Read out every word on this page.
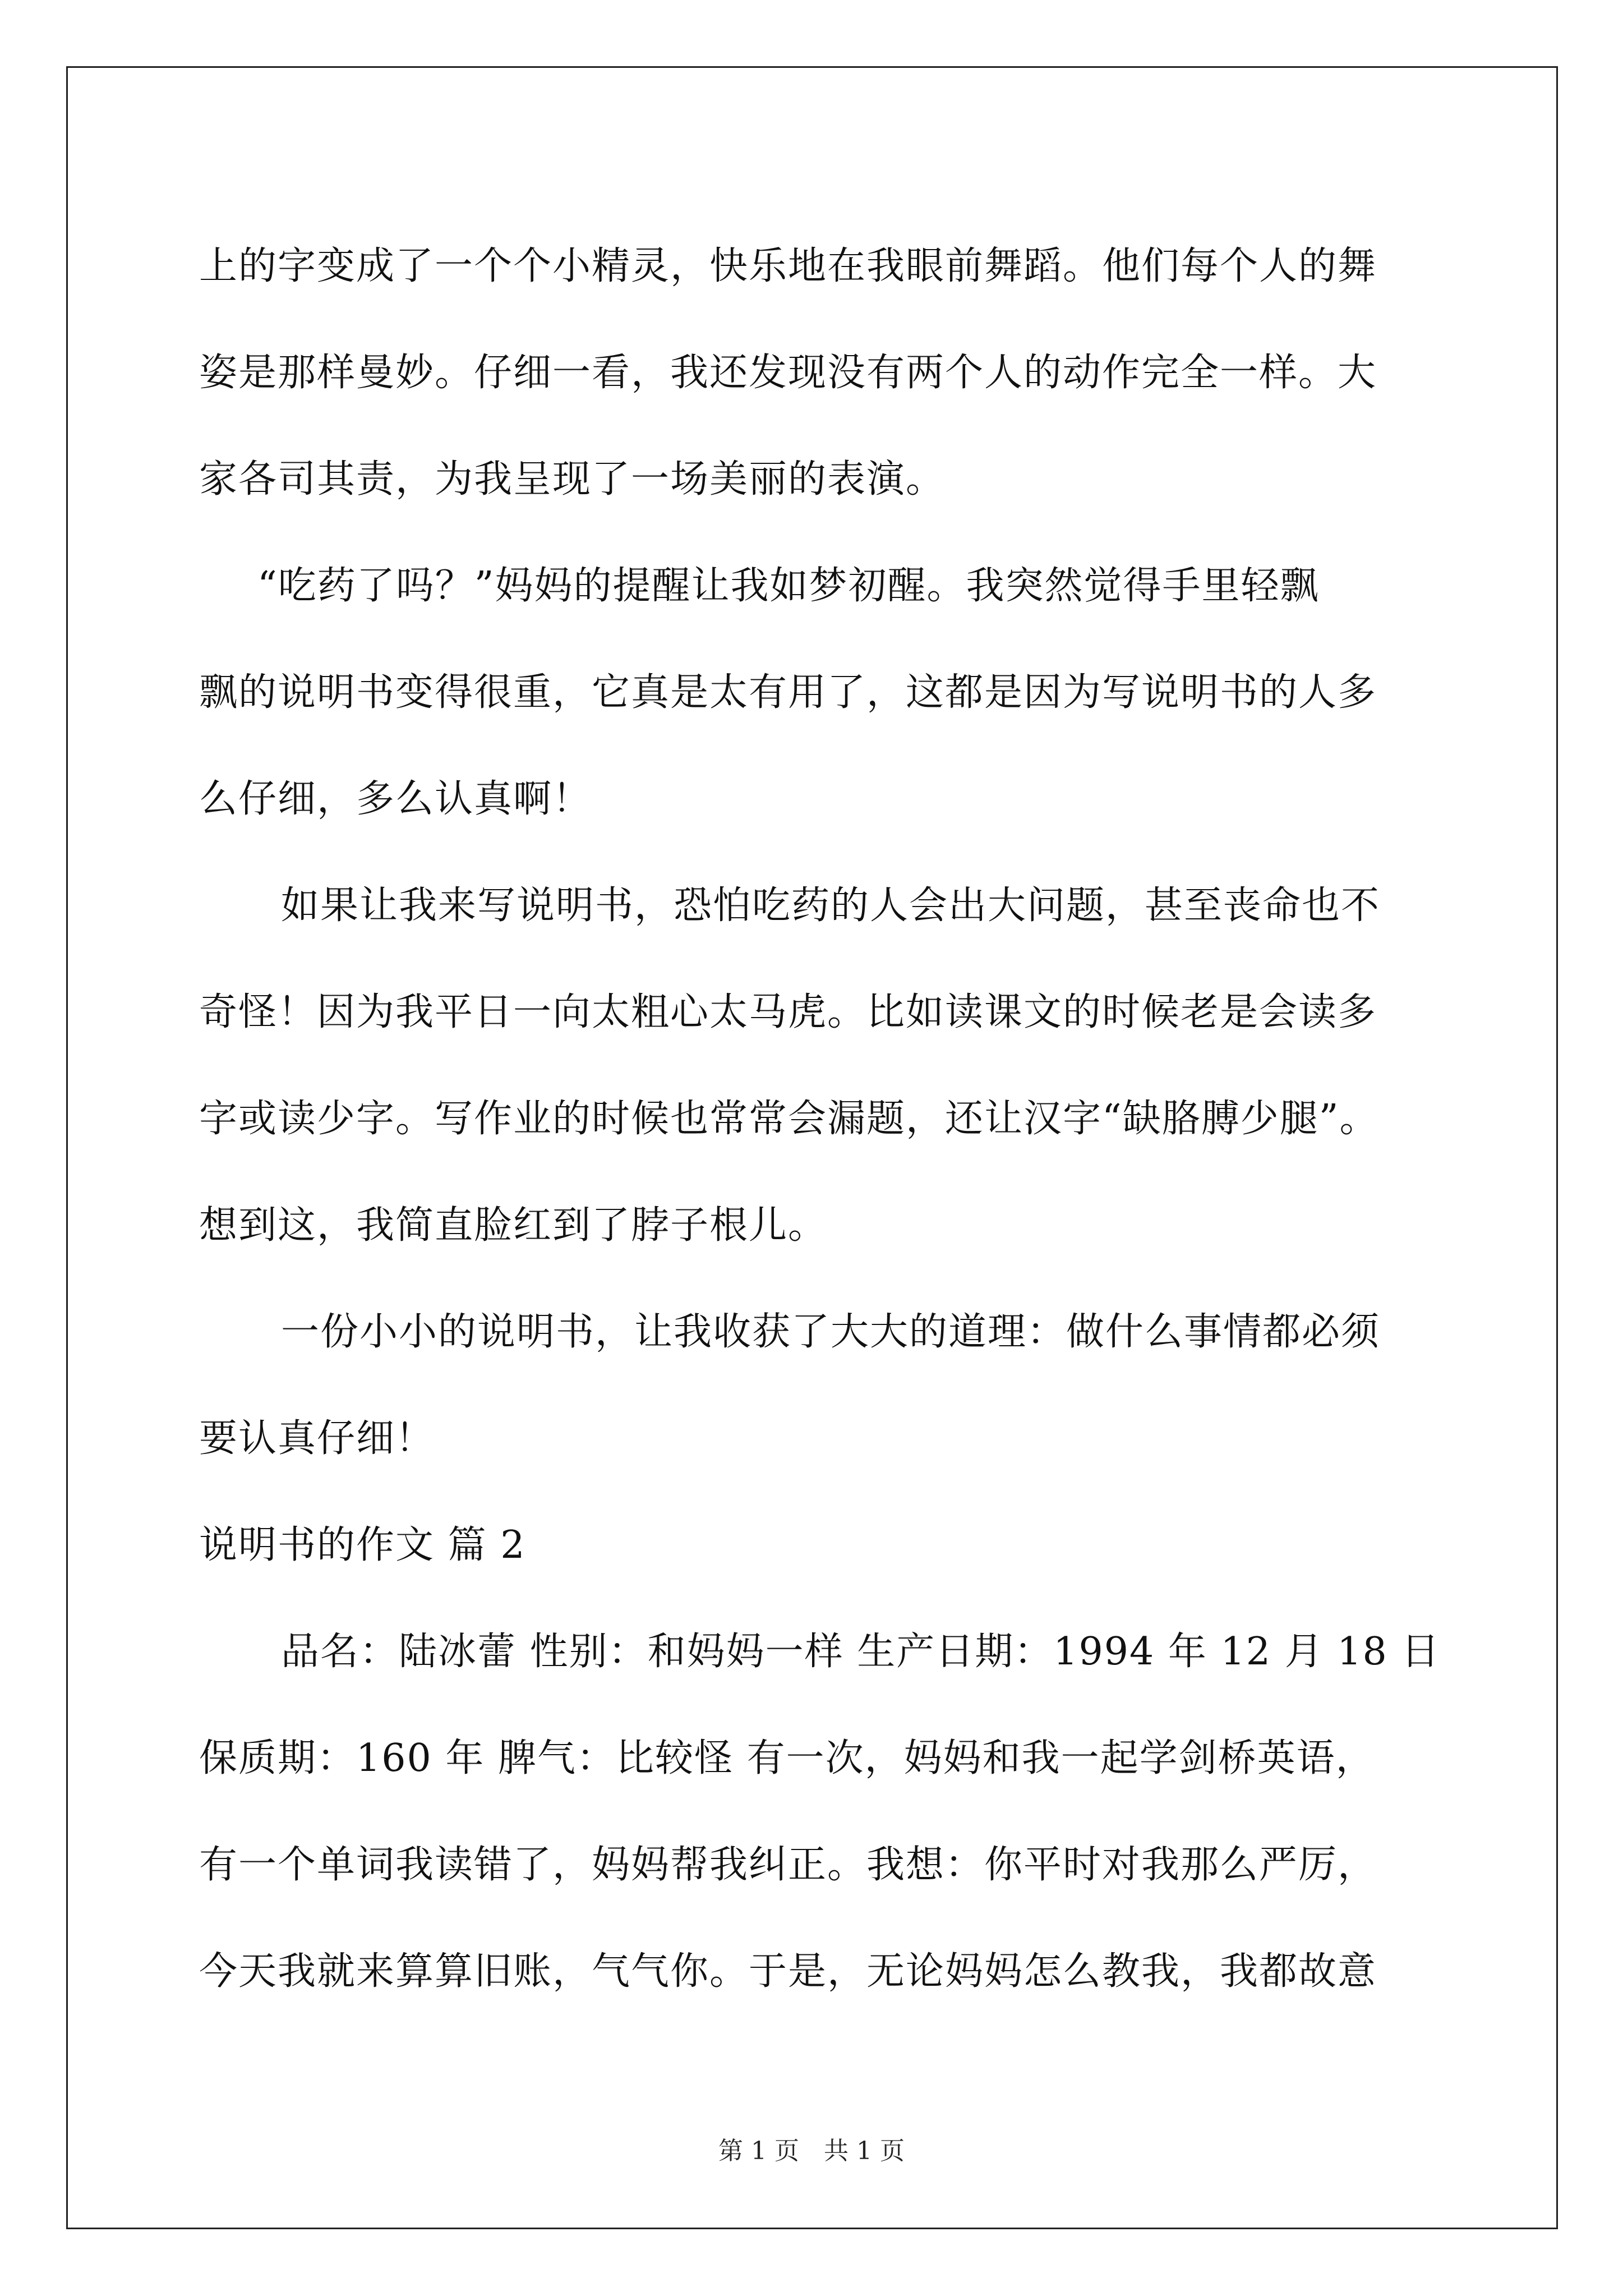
上的字变成了一个个小精灵，快乐地在我眼前舞蹈。他们每个人的舞
姿是那样曼妙。仔细一看，我还发现没有两个人的动作完全一样。大
家各司其责，为我呈现了一场美丽的表演。
“吃药了吗？”妈妈的提醒让我如梦初醒。我突然觉得手里轻飘
飘的说明书变得很重，它真是太有用了，这都是因为写说明书的人多
么仔细，多么认真啊！
如果让我来写说明书，恐怕吃药的人会出大问题，甚至丧命也不
奇怪！因为我平日一向太粗心太马虎。比如读课文的时候老是会读多
字或读少字。写作业的时候也常常会漏题，还让汉字“缺胳膊少腿”。
想到这，我简直脸红到了脖子根儿。
一份小小的说明书，让我收获了大大的道理：做什么事情都必须
要认真仔细！
说明书的作文 篇 2
品名：陆冰蕾 性别：和妈妈一样 生产日期：1994 年 12 月 18 日
保质期：160 年 脾气：比较怪 有一次，妈妈和我一起学剑桥英语，
有一个单词我读错了，妈妈帮我纠正。我想：你平时对我那么严厉，
今天我就来算算旧账，气气你。于是，无论妈妈怎么教我，我都故意
第 1 页　共 1 页
